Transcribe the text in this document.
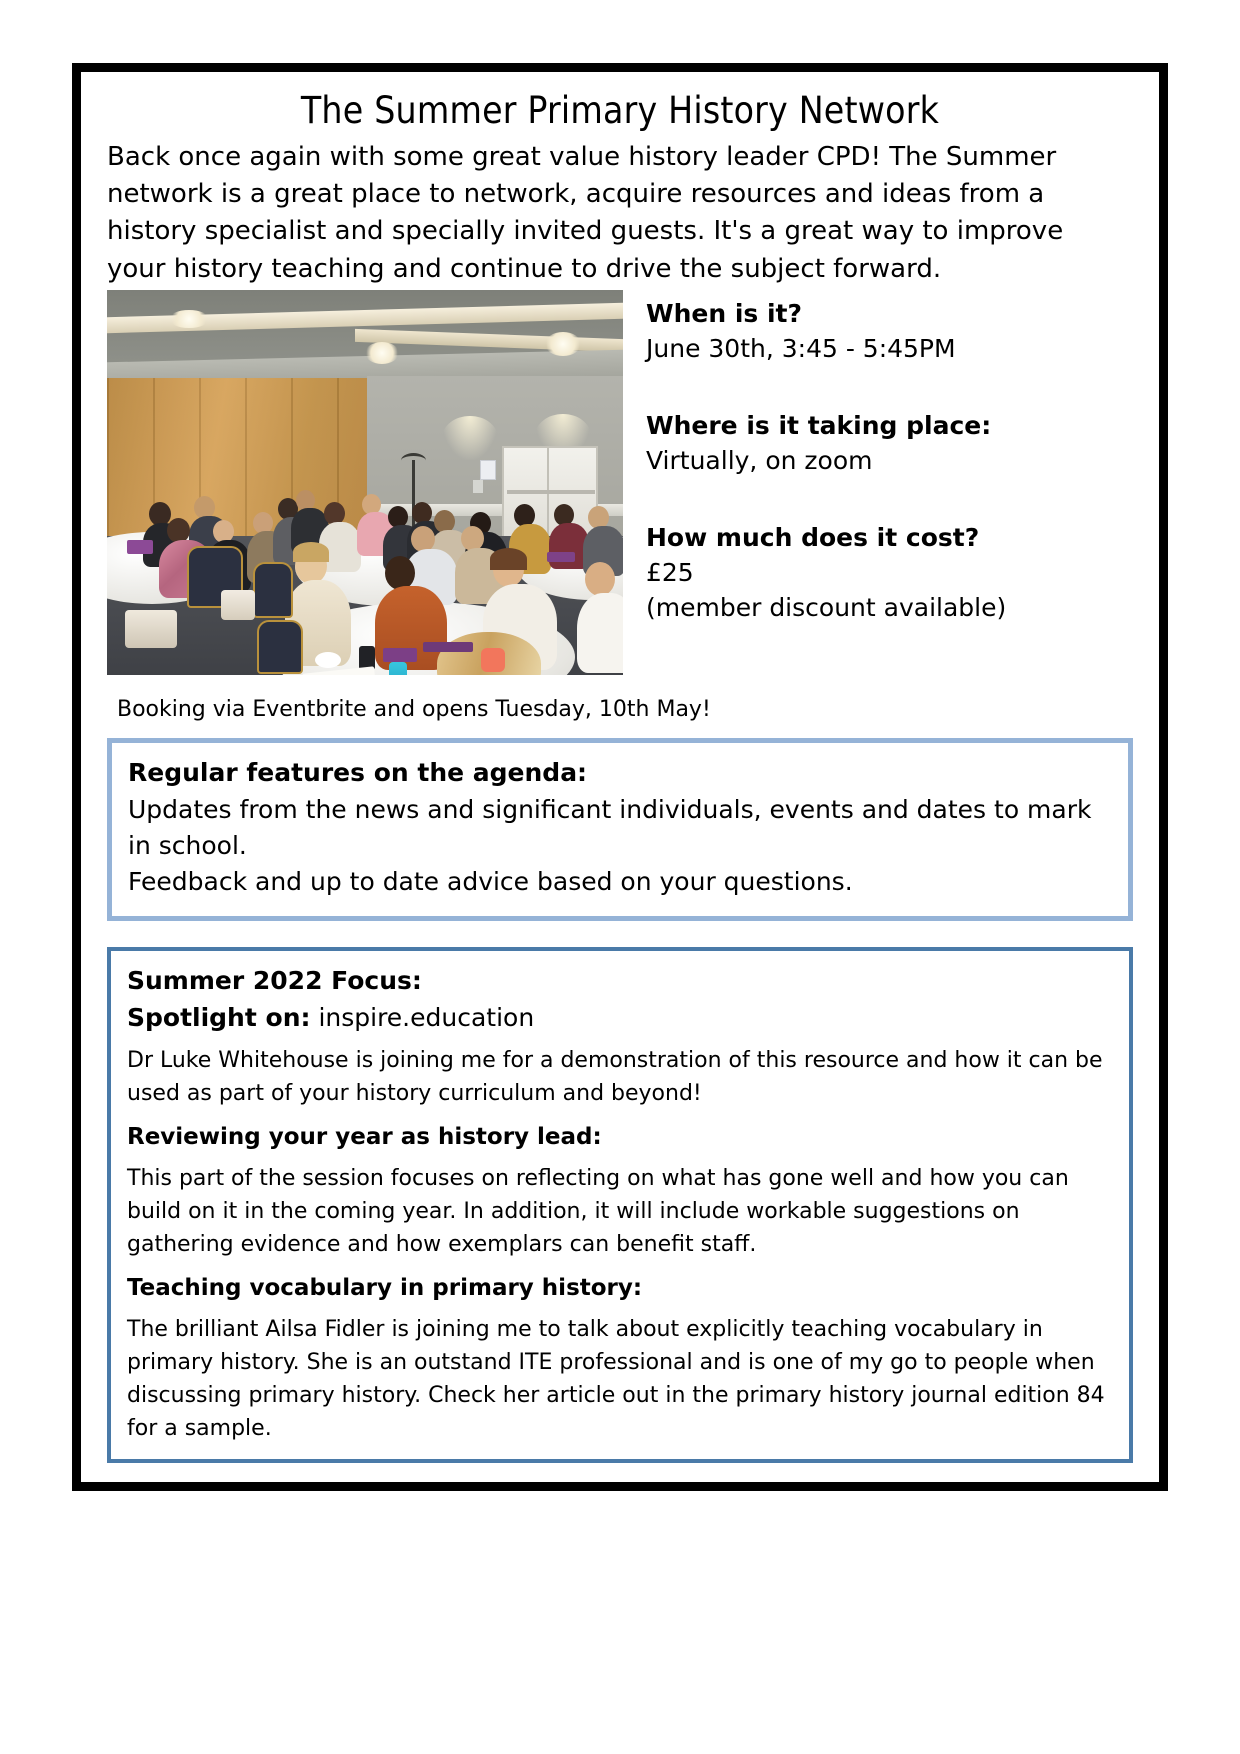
The Summer Primary History Network

Back once again with some great value history leader CPD! The Summer network is a great place to network, acquire resources and ideas from a history specialist and specially invited guests. It's a great way to improve your history teaching and continue to drive the subject forward.

When is it?

June 30th, 3:45 - 5:45PM

Where is it taking place:

Virtually, on zoom

How much does it cost?

£25

(member discount available)

Booking via Eventbrite and opens Tuesday, 10th May!

Regular features on the agenda:

Updates from the news and significant individuals, events and dates to mark in school.

Feedback and up to date advice based on your questions.

Summer 2022 Focus:

Spotlight on: inspire.education

Dr Luke Whitehouse is joining me for a demonstration of this resource and how it can be used as part of your history curriculum and beyond!

Reviewing your year as history lead:

This part of the session focuses on reflecting on what has gone well and how you can build on it in the coming year. In addition, it will include workable suggestions on gathering evidence and how exemplars can benefit staff.

Teaching vocabulary in primary history:

The brilliant Ailsa Fidler is joining me to talk about explicitly teaching vocabulary in primary history. She is an outstand ITE professional and is one of my go to people when discussing primary history. Check her article out in the primary history journal edition 84 for a sample.
